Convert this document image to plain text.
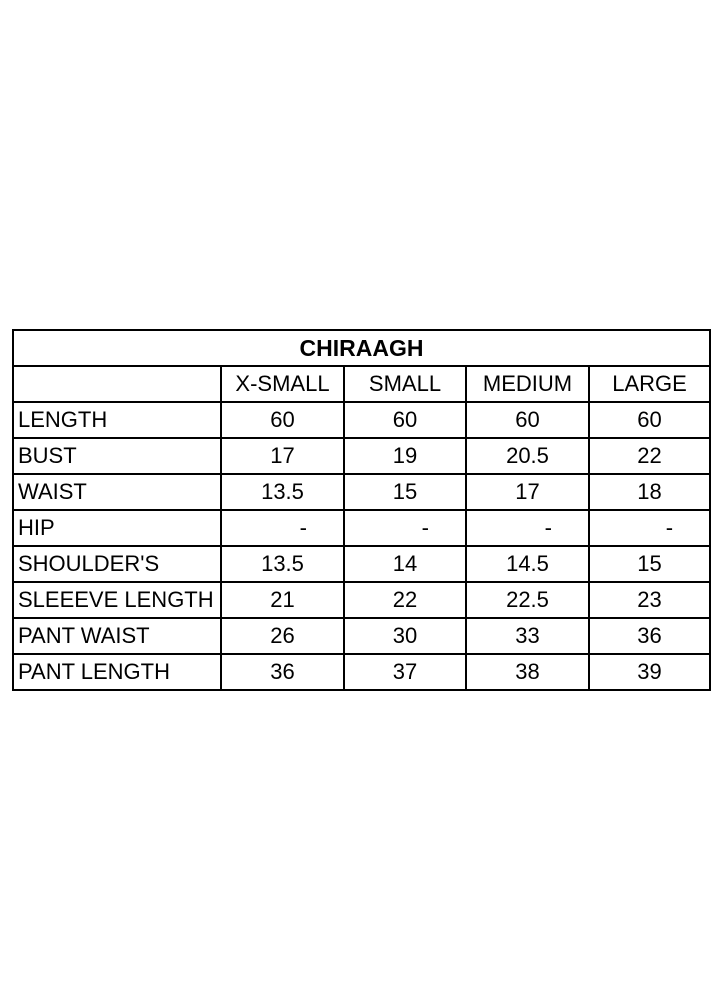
CHIRAAGH				
	X-SMALL	SMALL	MEDIUM	LARGE
LENGTH	60	60	60	60
BUST	17	19	20.5	22
WAIST	13.5	15	17	18
HIP	-	-	-	-
SHOULDER'S	13.5	14	14.5	15
SLEEEVE LENGTH	21	22	22.5	23
PANT WAIST	26	30	33	36
PANT LENGTH	36	37	38	39
